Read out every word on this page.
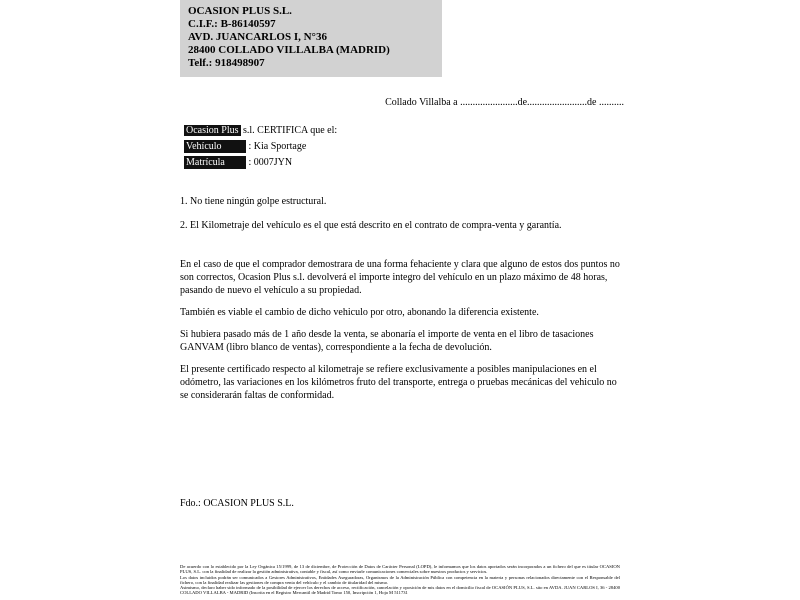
OCASION PLUS S.L.
C.I.F.: B-86140597
AVD. JUANCARLOS I, N°36
28400 COLLADO VILLALBA (MADRID)
Telf.: 918498907
Collado Villalba a .......................de........................de ..........
Ocasion Plus s.l. CERTIFICA que el:
Vehículo	: Kia Sportage
Matrícula : 0007JYN

1. No tiene ningún golpe estructural.

2. El Kilometraje del vehículo es el que está descrito en el contrato de compra-venta y garantía.

En el caso de que el comprador demostrara de una forma fehaciente y clara que alguno de estos dos puntos no son correctos, Ocasion Plus s.l. devolverá el importe integro del vehículo en un plazo máximo de 48 horas, pasando de nuevo el vehículo a su propiedad.

También es viable el cambio de dicho vehiculo por otro, abonando la diferencia existente.

Si hubiera pasado más de 1 año desde la venta, se abonaría el importe de venta en el libro de tasaciones GANVAM (libro blanco de ventas), correspondiente a la fecha de devolución.

El presente certificado respecto al kilometraje se refiere exclusivamente a posibles manipulaciones en el odómetro, las variaciones en los kilómetros fruto del transporte, entrega o pruebas mecánicas del vehiculo no se considerarán faltas de conformidad.

Fdo.: OCASION PLUS S.L.

De acuerdo con lo establecido por la Ley Orgánica 15/1999, de 13 de diciembre, de Protección de Datos de Carácter Personal (LOPD), le informamos que los datos aportados serán incorporados a un fichero del que es titular OCASION PLUS, S.L. con la finalidad de realizar la gestión administrativa, contable y fiscal, así como enviarle comunicaciones comerciales sobre nuestros productos y servicios.

Los datos incluidos podrán ser comunicados a Gestores Administrativos, Entidades Aseguradoras, Organismos de la Administración Pública con competencia en la materia y personas relacionados directamente con el Responsable del fichero, con la finalidad realizar las gestiones de compra venta del vehículo y el cambio de titularidad del mismo.

Asimismo, declaro haber sido informado de la posibilidad de ejercer los derechos de acceso, rectificación, cancelación y oposición de mis datos en el domicilio fiscal de OCASIÓN PLUS, S.L. sito en AVDA. JUAN CARLOS I, 36 - 28400 COLLADO VILLALBA - MADRID (Inscrita en el Registro Mercantil de Madrid Tomo 150, Inscripción 1, Hoja M 511731
